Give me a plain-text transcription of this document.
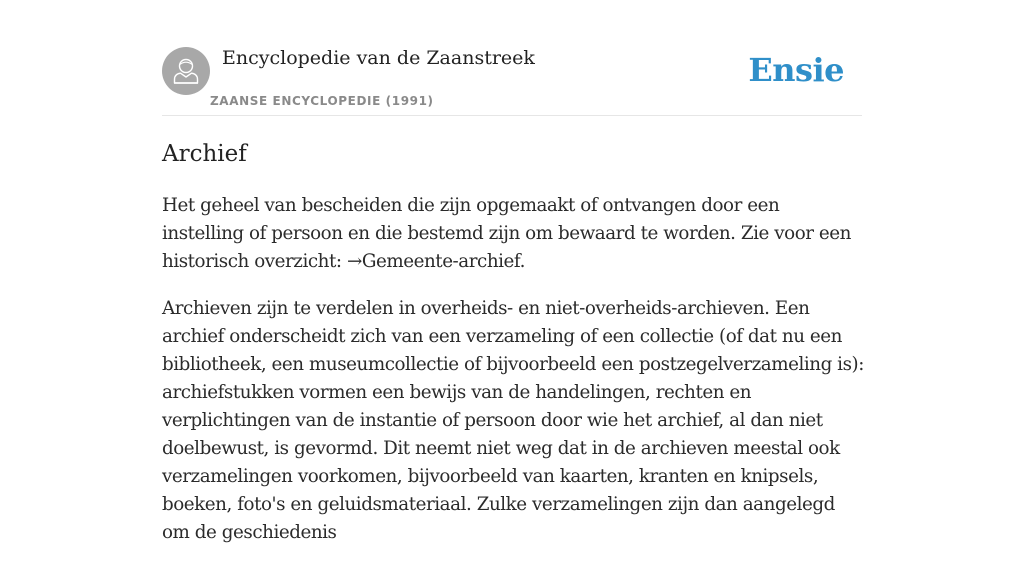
Encyclopedie van de Zaanstreek
ZAANSE ENCYCLOPEDIE (1991)
Ensie
Archief

Het geheel van bescheiden die zijn opgemaakt of ontvangen door een instelling of persoon en die bestemd zijn om bewaard te worden. Zie voor een historisch overzicht: →Gemeente-archief.

Archieven zijn te verdelen in overheids- en niet-overheids-archieven. Een archief onderscheidt zich van een verzameling of een collectie (of dat nu een bibliotheek, een museumcollectie of bijvoorbeeld een postzegelverzameling is): archiefstukken vormen een bewijs van de handelingen, rechten en verplichtingen van de instantie of persoon door wie het archief, al dan niet doelbewust, is gevormd. Dit neemt niet weg dat in de archieven meestal ook verzamelingen voorkomen, bijvoorbeeld van kaarten, kranten en knipsels, boeken, foto's en geluidsmateriaal. Zulke verzamelingen zijn dan aangelegd om de geschiedenis
